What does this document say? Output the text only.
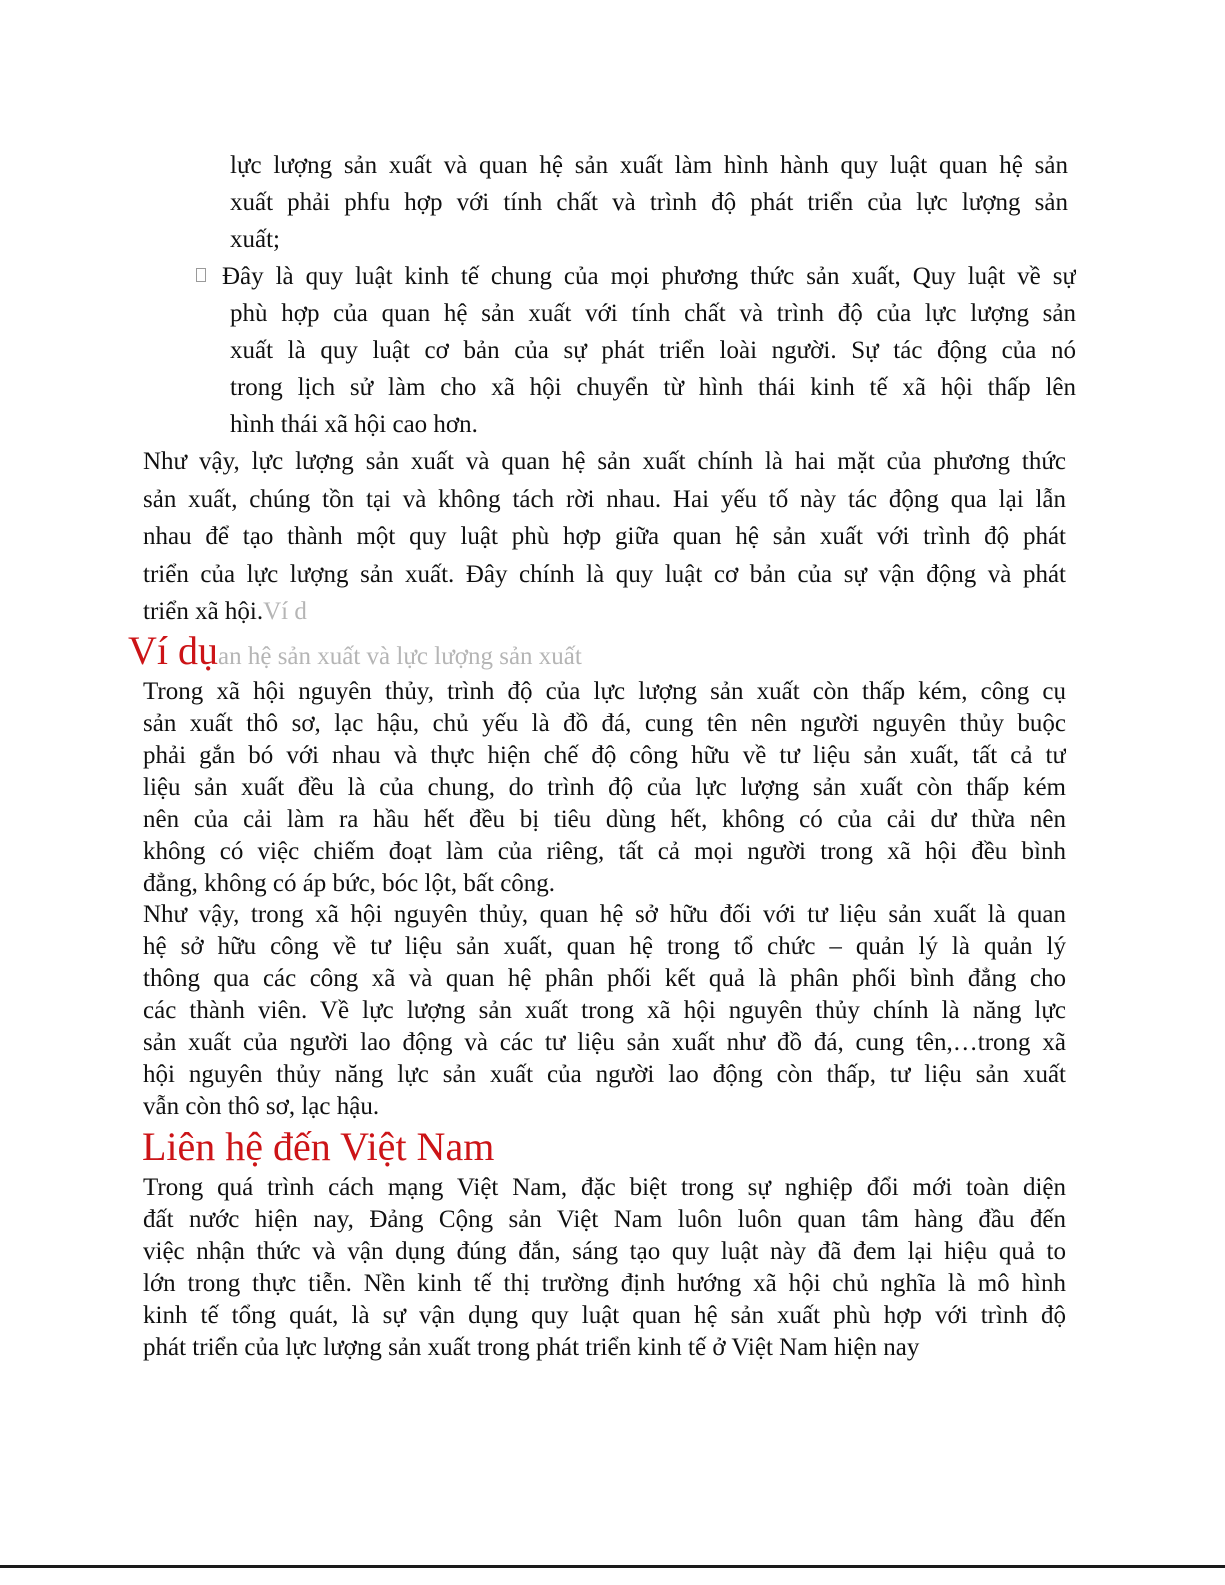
lực lượng sản xuất và quan hệ sản xuất làm hình hành quy luật quan hệ sản
xuất phải phfu hợp với tính chất và trình độ phát triển của lực lượng sản
xuất;
Đây là quy luật kinh tế chung của mọi phương thức sản xuất, Quy luật về sự
phù hợp của quan hệ sản xuất với tính chất và trình độ của lực lượng sản
xuất là quy luật cơ bản của sự phát triển loài người. Sự tác động của nó
trong lịch sử làm cho xã hội chuyển từ hình thái kinh tế xã hội thấp lên
hình thái xã hội cao hơn.
Như vậy, lực lượng sản xuất và quan hệ sản xuất chính là hai mặt của phương thức
sản xuất, chúng tồn tại và không tách rời nhau. Hai yếu tố này tác động qua lại lẫn
nhau để tạo thành một quy luật phù hợp giữa quan hệ sản xuất với trình độ phát
triển của lực lượng sản xuất. Đây chính là quy luật cơ bản của sự vận động và phát
triển xã hội.Ví d
Ví dụan hệ sản xuất và lực lượng sản xuất
Trong xã hội nguyên thủy, trình độ của lực lượng sản xuất còn thấp kém, công cụ
sản xuất thô sơ, lạc hậu, chủ yếu là đồ đá, cung tên nên người nguyên thủy buộc
phải gắn bó với nhau và thực hiện chế độ công hữu về tư liệu sản xuất, tất cả tư
liệu sản xuất đều là của chung, do trình độ của lực lượng sản xuất còn thấp kém
nên của cải làm ra hầu hết đều bị tiêu dùng hết, không có của cải dư thừa nên
không có việc chiếm đoạt làm của riêng, tất cả mọi người trong xã hội đều bình
đẳng, không có áp bức, bóc lột, bất công.
Như vậy, trong xã hội nguyên thủy, quan hệ sở hữu đối với tư liệu sản xuất là quan
hệ sở hữu công về tư liệu sản xuất, quan hệ trong tổ chức – quản lý là quản lý
thông qua các công xã và quan hệ phân phối kết quả là phân phối bình đẳng cho
các thành viên. Về lực lượng sản xuất trong xã hội nguyên thủy chính là năng lực
sản xuất của người lao động và các tư liệu sản xuất như đồ đá, cung tên,…trong xã
hội nguyên thủy năng lực sản xuất của người lao động còn thấp, tư liệu sản xuất
vẫn còn thô sơ, lạc hậu.
Liên hệ đến Việt Nam
Trong quá trình cách mạng Việt Nam, đặc biệt trong sự nghiệp đổi mới toàn diện
đất nước hiện nay, Đảng Cộng sản Việt Nam luôn luôn quan tâm hàng đầu đến
việc nhận thức và vận dụng đúng đắn, sáng tạo quy luật này đã đem lại hiệu quả to
lớn trong thực tiễn. Nền kinh tế thị trường định hướng xã hội chủ nghĩa là mô hình
kinh tế tổng quát, là sự vận dụng quy luật quan hệ sản xuất phù hợp với trình độ
phát triển của lực lượng sản xuất trong phát triển kinh tế ở Việt Nam hiện nay
